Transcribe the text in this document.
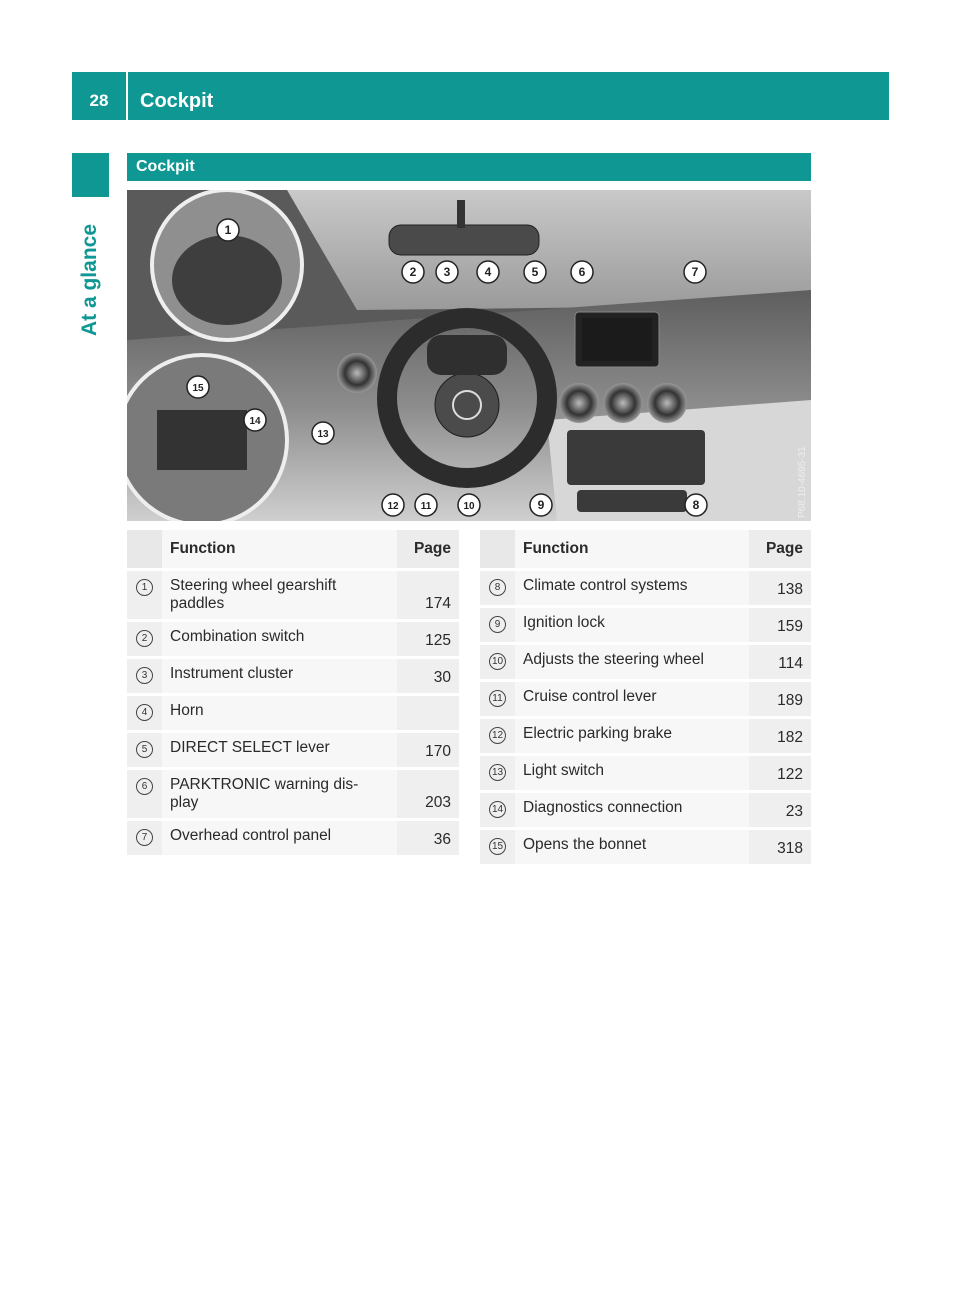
28	Cockpit
At a glance
Cockpit
1
2 3	4	5	6	7
8
9
10
11
12
13
14
15
P68.10-4695-31
	Function	Page
1	Steering wheel gearshift
paddles	174
2	Combination switch	125
3	Instrument cluster	30
4	Horn	
5	DIRECT SELECT lever	170
6	PARKTRONIC warning dis-
play	203
7	Overhead control panel	36
	Function	Page
8	Climate control systems	138
9	Ignition lock	159
10	Adjusts the steering wheel	114
11	Cruise control lever	189
12	Electric parking brake	182
13	Light switch	122
14	Diagnostics connection	23
15	Opens the bonnet	318
